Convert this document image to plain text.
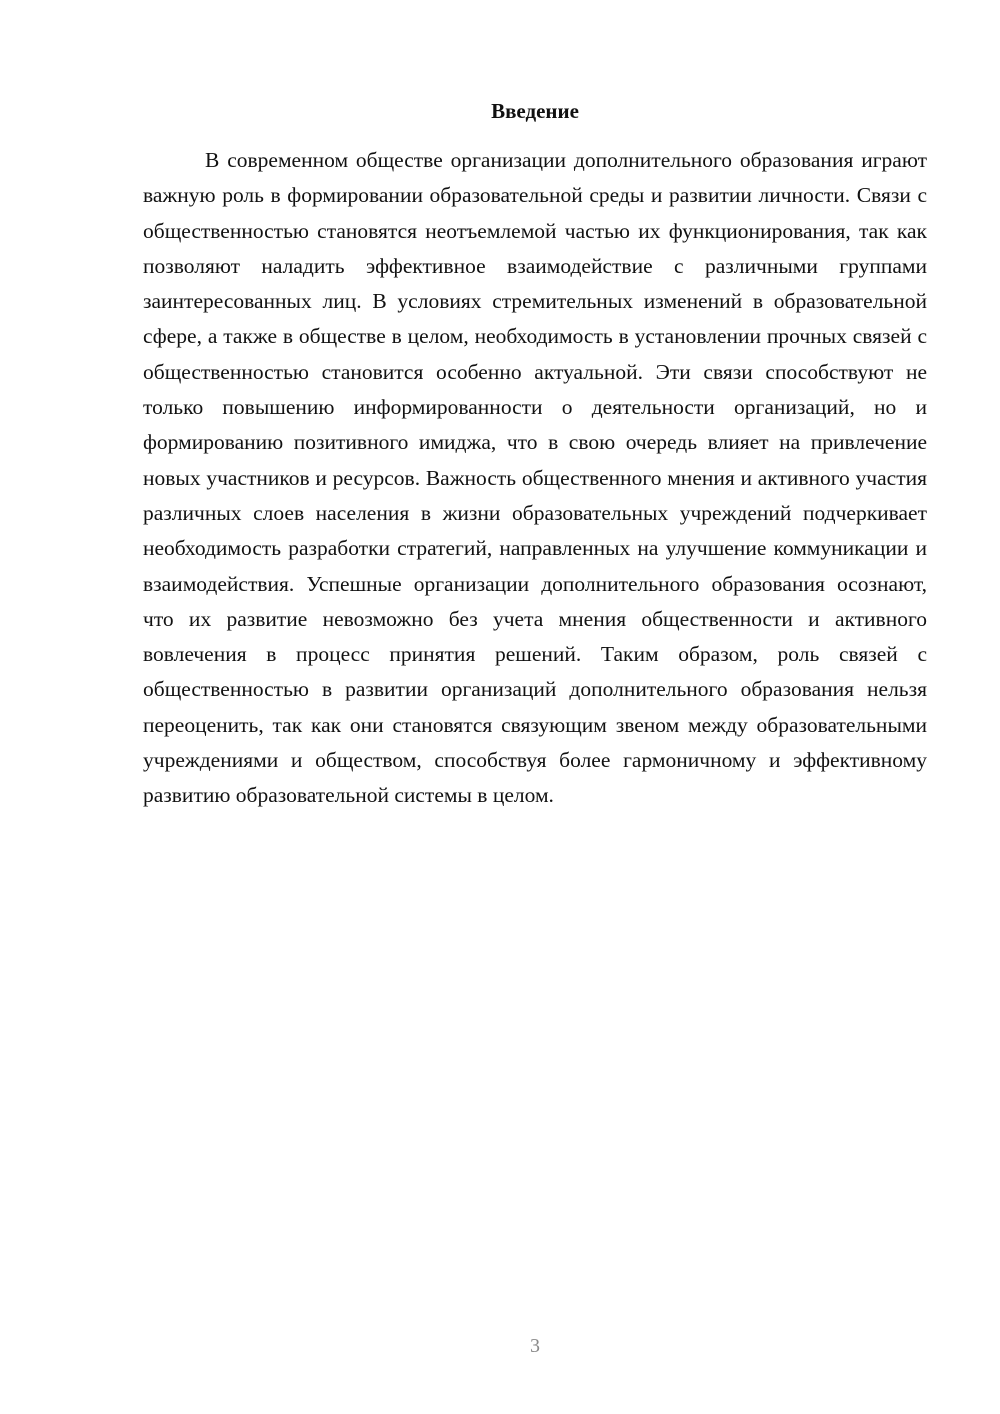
Введение

В современном обществе организации дополнительного образования играют важную роль в формировании образовательной среды и развитии личности. Связи с общественностью становятся неотъемлемой частью их функционирования, так как позволяют наладить эффективное взаимодействие с различными группами заинтересованных лиц. В условиях стремительных изменений в образовательной сфере, а также в обществе в целом, необходимость в установлении прочных связей с общественностью становится особенно актуальной. Эти связи способствуют не только повышению информированности о деятельности организаций, но и формированию позитивного имиджа, что в свою очередь влияет на привлечение новых участников и ресурсов. Важность общественного мнения и активного участия различных слоев населения в жизни образовательных учреждений подчеркивает необходимость разработки стратегий, направленных на улучшение коммуникации и взаимодействия. Успешные организации дополнительного образования осознают, что их развитие невозможно без учета мнения общественности и активного вовлечения в процесс принятия решений. Таким образом, роль связей с общественностью в развитии организаций дополнительного образования нельзя переоценить, так как они становятся связующим звеном между образовательными учреждениями и обществом, способствуя более гармоничному и эффективному развитию образовательной системы в целом.

3
